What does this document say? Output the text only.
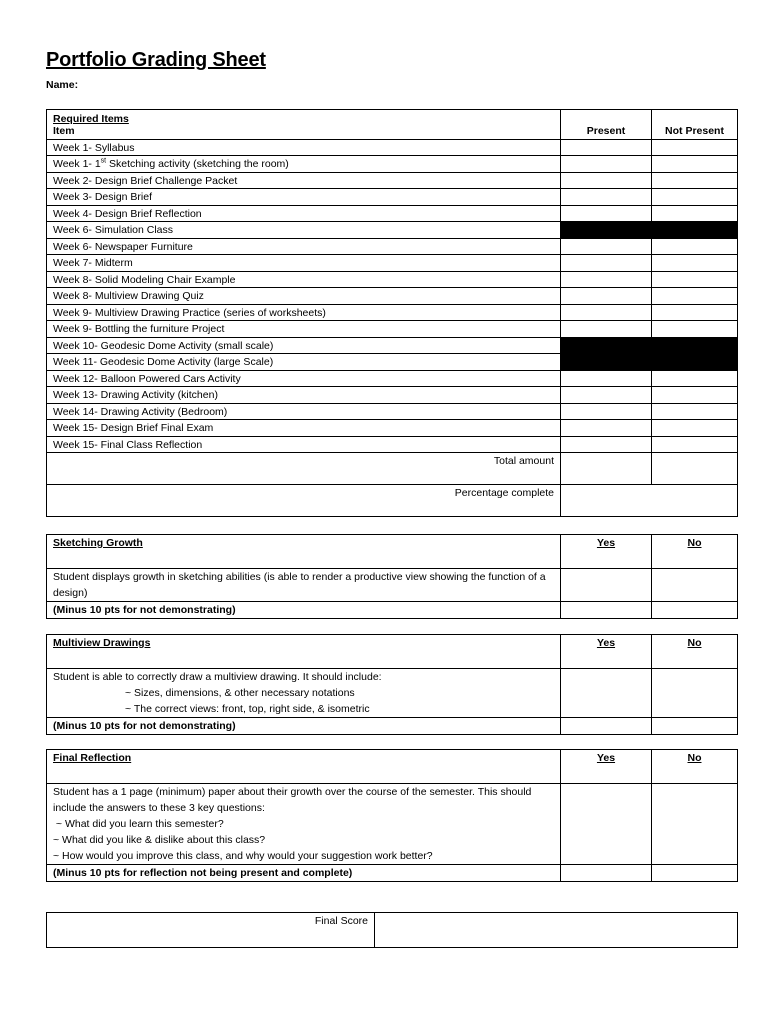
Portfolio Grading Sheet
Name:
Required Items
Item	Present	Not Present
Week 1- Syllabus		
Week 1- 1st Sketching activity (sketching the room)		
Week 2- Design Brief Challenge Packet		
Week 3- Design Brief		
Week 4- Design Brief Reflection		
Week 6- Simulation Class		
Week 6- Newspaper Furniture		
Week 7- Midterm		
Week 8- Solid Modeling Chair Example		
Week 8- Multiview Drawing Quiz		
Week 9- Multiview Drawing Practice (series of worksheets)		
Week 9- Bottling the furniture Project		
Week 10- Geodesic Dome Activity (small scale)		
Week 11- Geodesic Dome Activity (large Scale)		
Week 12- Balloon Powered Cars Activity		
Week 13- Drawing Activity (kitchen)		
Week 14- Drawing Activity (Bedroom)		
Week 15- Design Brief Final Exam		
Week 15- Final Class Reflection		
Total amount		
Percentage complete		
Sketching Growth	Yes	No
Student displays growth in sketching abilities (is able to render a productive view showing the function of a design)		
(Minus 10 pts for not demonstrating)		
Multiview Drawings	Yes	No
Student is able to correctly draw a multiview drawing. It should include:
~ Sizes, dimensions, & other necessary notations
~ The correct views: front, top, right side, & isometric		

(Minus 10 pts for not demonstrating)		
Final Reflection	Yes	No
Student has a 1 page (minimum) paper about their growth over the course of the semester. This should include the answers to these 3 key questions:
~ What did you learn this semester?
~ What did you like & dislike about this class?
~ How would you improve this class, and why would your suggestion work better?		
(Minus 10 pts for reflection not being present and complete)		
Final Score	
